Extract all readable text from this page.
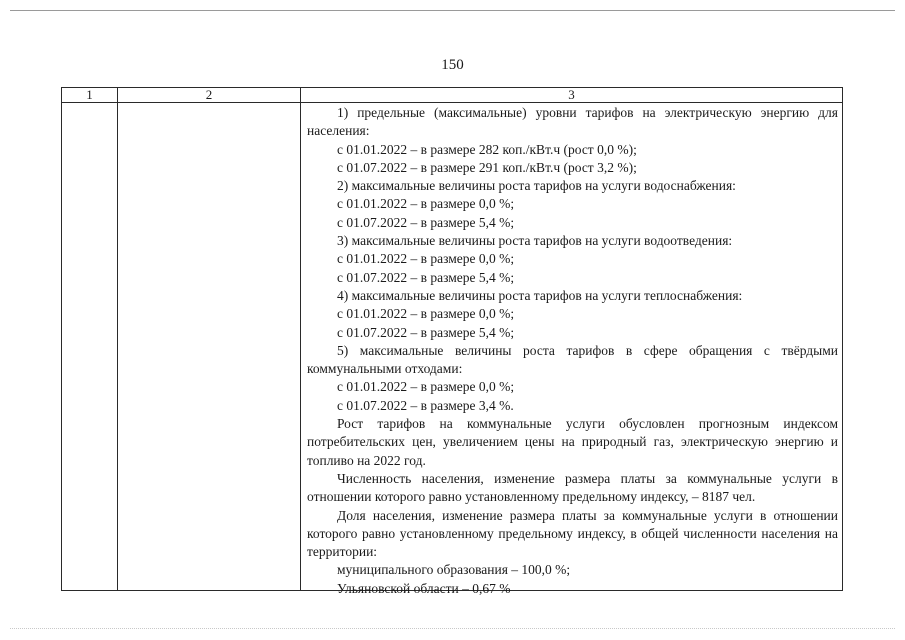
150
1	2	3

1) предельные (максимальные) уровни тарифов на электрическую энергию для населения:

с 01.01.2022 – в размере 282 коп./кВт.ч (рост 0,0 %);

с 01.07.2022 – в размере 291 коп./кВт.ч (рост 3,2 %);

2) максимальные величины роста тарифов на услуги водоснабжения:

с 01.01.2022 – в размере 0,0 %;

с 01.07.2022 – в размере 5,4 %;

3) максимальные величины роста тарифов на услуги водоотведения:

с 01.01.2022 – в размере 0,0 %;

с 01.07.2022 – в размере 5,4 %;

4) максимальные величины роста тарифов на услуги теплоснабжения:

с 01.01.2022 – в размере 0,0 %;

с 01.07.2022 – в размере 5,4 %;

5) максимальные величины роста тарифов в сфере обращения с твёрдыми коммунальными отходами:

с 01.01.2022 – в размере 0,0 %;

с 01.07.2022 – в размере 3,4 %.

Рост тарифов на коммунальные услуги обусловлен прогнозным индексом потребительских цен, увеличением цены на природный газ, электрическую энергию и топливо на 2022 год.

Численность населения, изменение размера платы за коммунальные услуги в отношении которого равно установленному предельному индексу, – 8187 чел.

Доля населения, изменение размера платы за коммунальные услуги в отношении которого равно установленному предельному индексу, в общей численности населения на территории:

муниципального образования – 100,0 %;

Ульяновской области – 0,67 %
